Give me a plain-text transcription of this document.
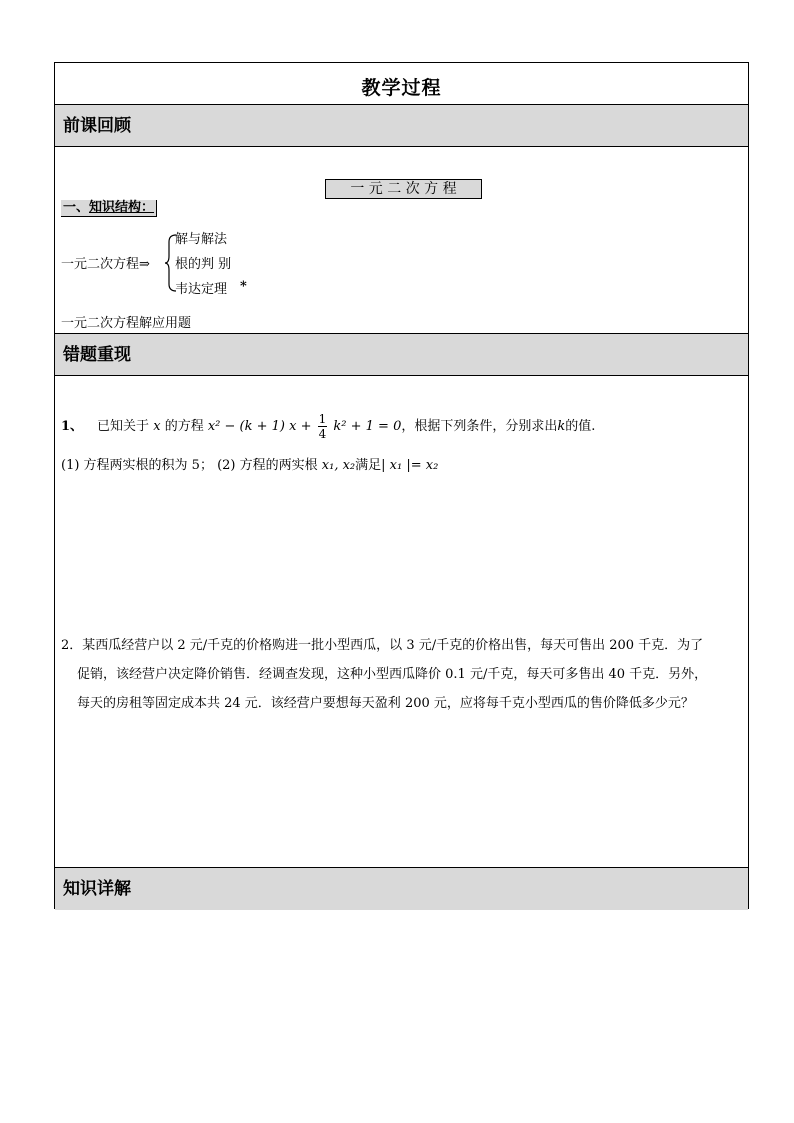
教学过程
前课回顾
一 元 二 次 方 程
一、知识结构：
一元二次方程⇒
解与解法
根的判 别
韦达定理 *
一元二次方程解应用题
错题重现
1、 已知关于 x 的方程 x² − (k + 1) $x + \frac{1}{4} k^2 + 1 = 0$，根据下列条件，分别求出k的值.
(1) 方程两实根的积为 5； (2) 方程的两实根 x₁, x₂满足| x₁ |= x₂
2．某西瓜经营户以 2 元/千克的价格购进一批小型西瓜，以 3 元/千克的价格出售，每天可售出 200 千克．为了
促销，该经营户决定降价销售．经调查发现，这种小型西瓜降价 0.1 元/千克，每天可多售出 40 千克．另外，
每天的房租等固定成本共 24 元．该经营户要想每天盈利 200 元，应将每千克小型西瓜的售价降低多少元？
知识详解
